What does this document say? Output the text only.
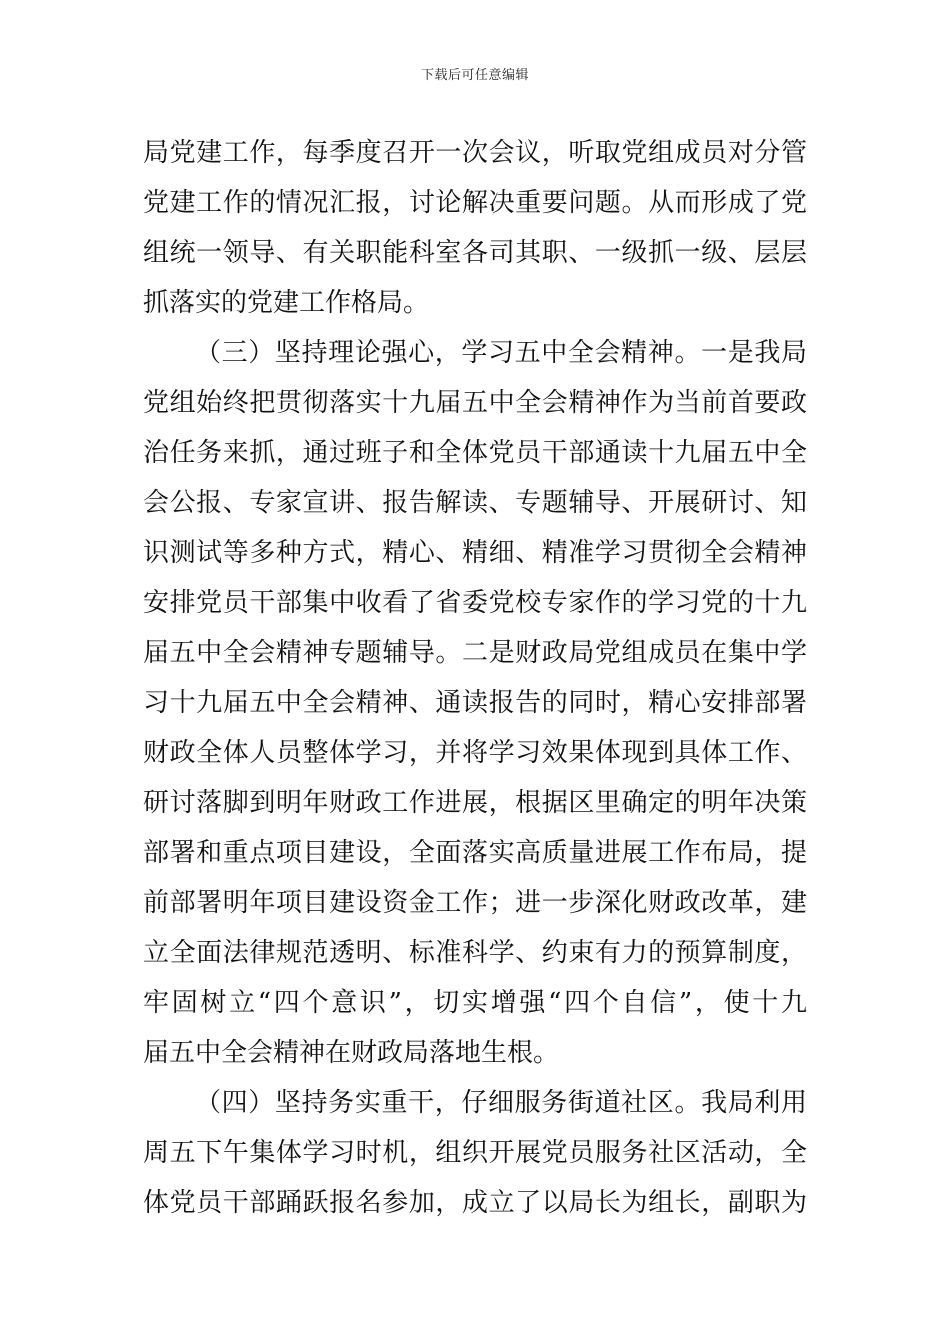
下载后可任意编辑
局党建工作，每季度召开一次会议，听取党组成员对分管
党建工作的情况汇报，讨论解决重要问题。从而形成了党
组统一领导、有关职能科室各司其职、一级抓一级、层层
抓落实的党建工作格局。
（三）坚持理论强心，学习五中全会精神。一是我局
党组始终把贯彻落实十九届五中全会精神作为当前首要政
治任务来抓，通过班子和全体党员干部通读十九届五中全
会公报、专家宣讲、报告解读、专题辅导、开展研讨、知
识测试等多种方式，精心、精细、精准学习贯彻全会精神
安排党员干部集中收看了省委党校专家作的学习党的十九
届五中全会精神专题辅导。二是财政局党组成员在集中学
习十九届五中全会精神、通读报告的同时，精心安排部署
财政全体人员整体学习，并将学习效果体现到具体工作、
研讨落脚到明年财政工作进展，根据区里确定的明年决策
部署和重点项目建设，全面落实高质量进展工作布局，提
前部署明年项目建设资金工作；进一步深化财政改革，建
立全面法律规范透明、标准科学、约束有力的预算制度，
牢固树立“四个意识”，切实增强“四个自信”，使十九
届五中全会精神在财政局落地生根。
（四）坚持务实重干，仔细服务街道社区。我局利用
周五下午集体学习时机，组织开展党员服务社区活动，全
体党员干部踊跃报名参加，成立了以局长为组长，副职为
